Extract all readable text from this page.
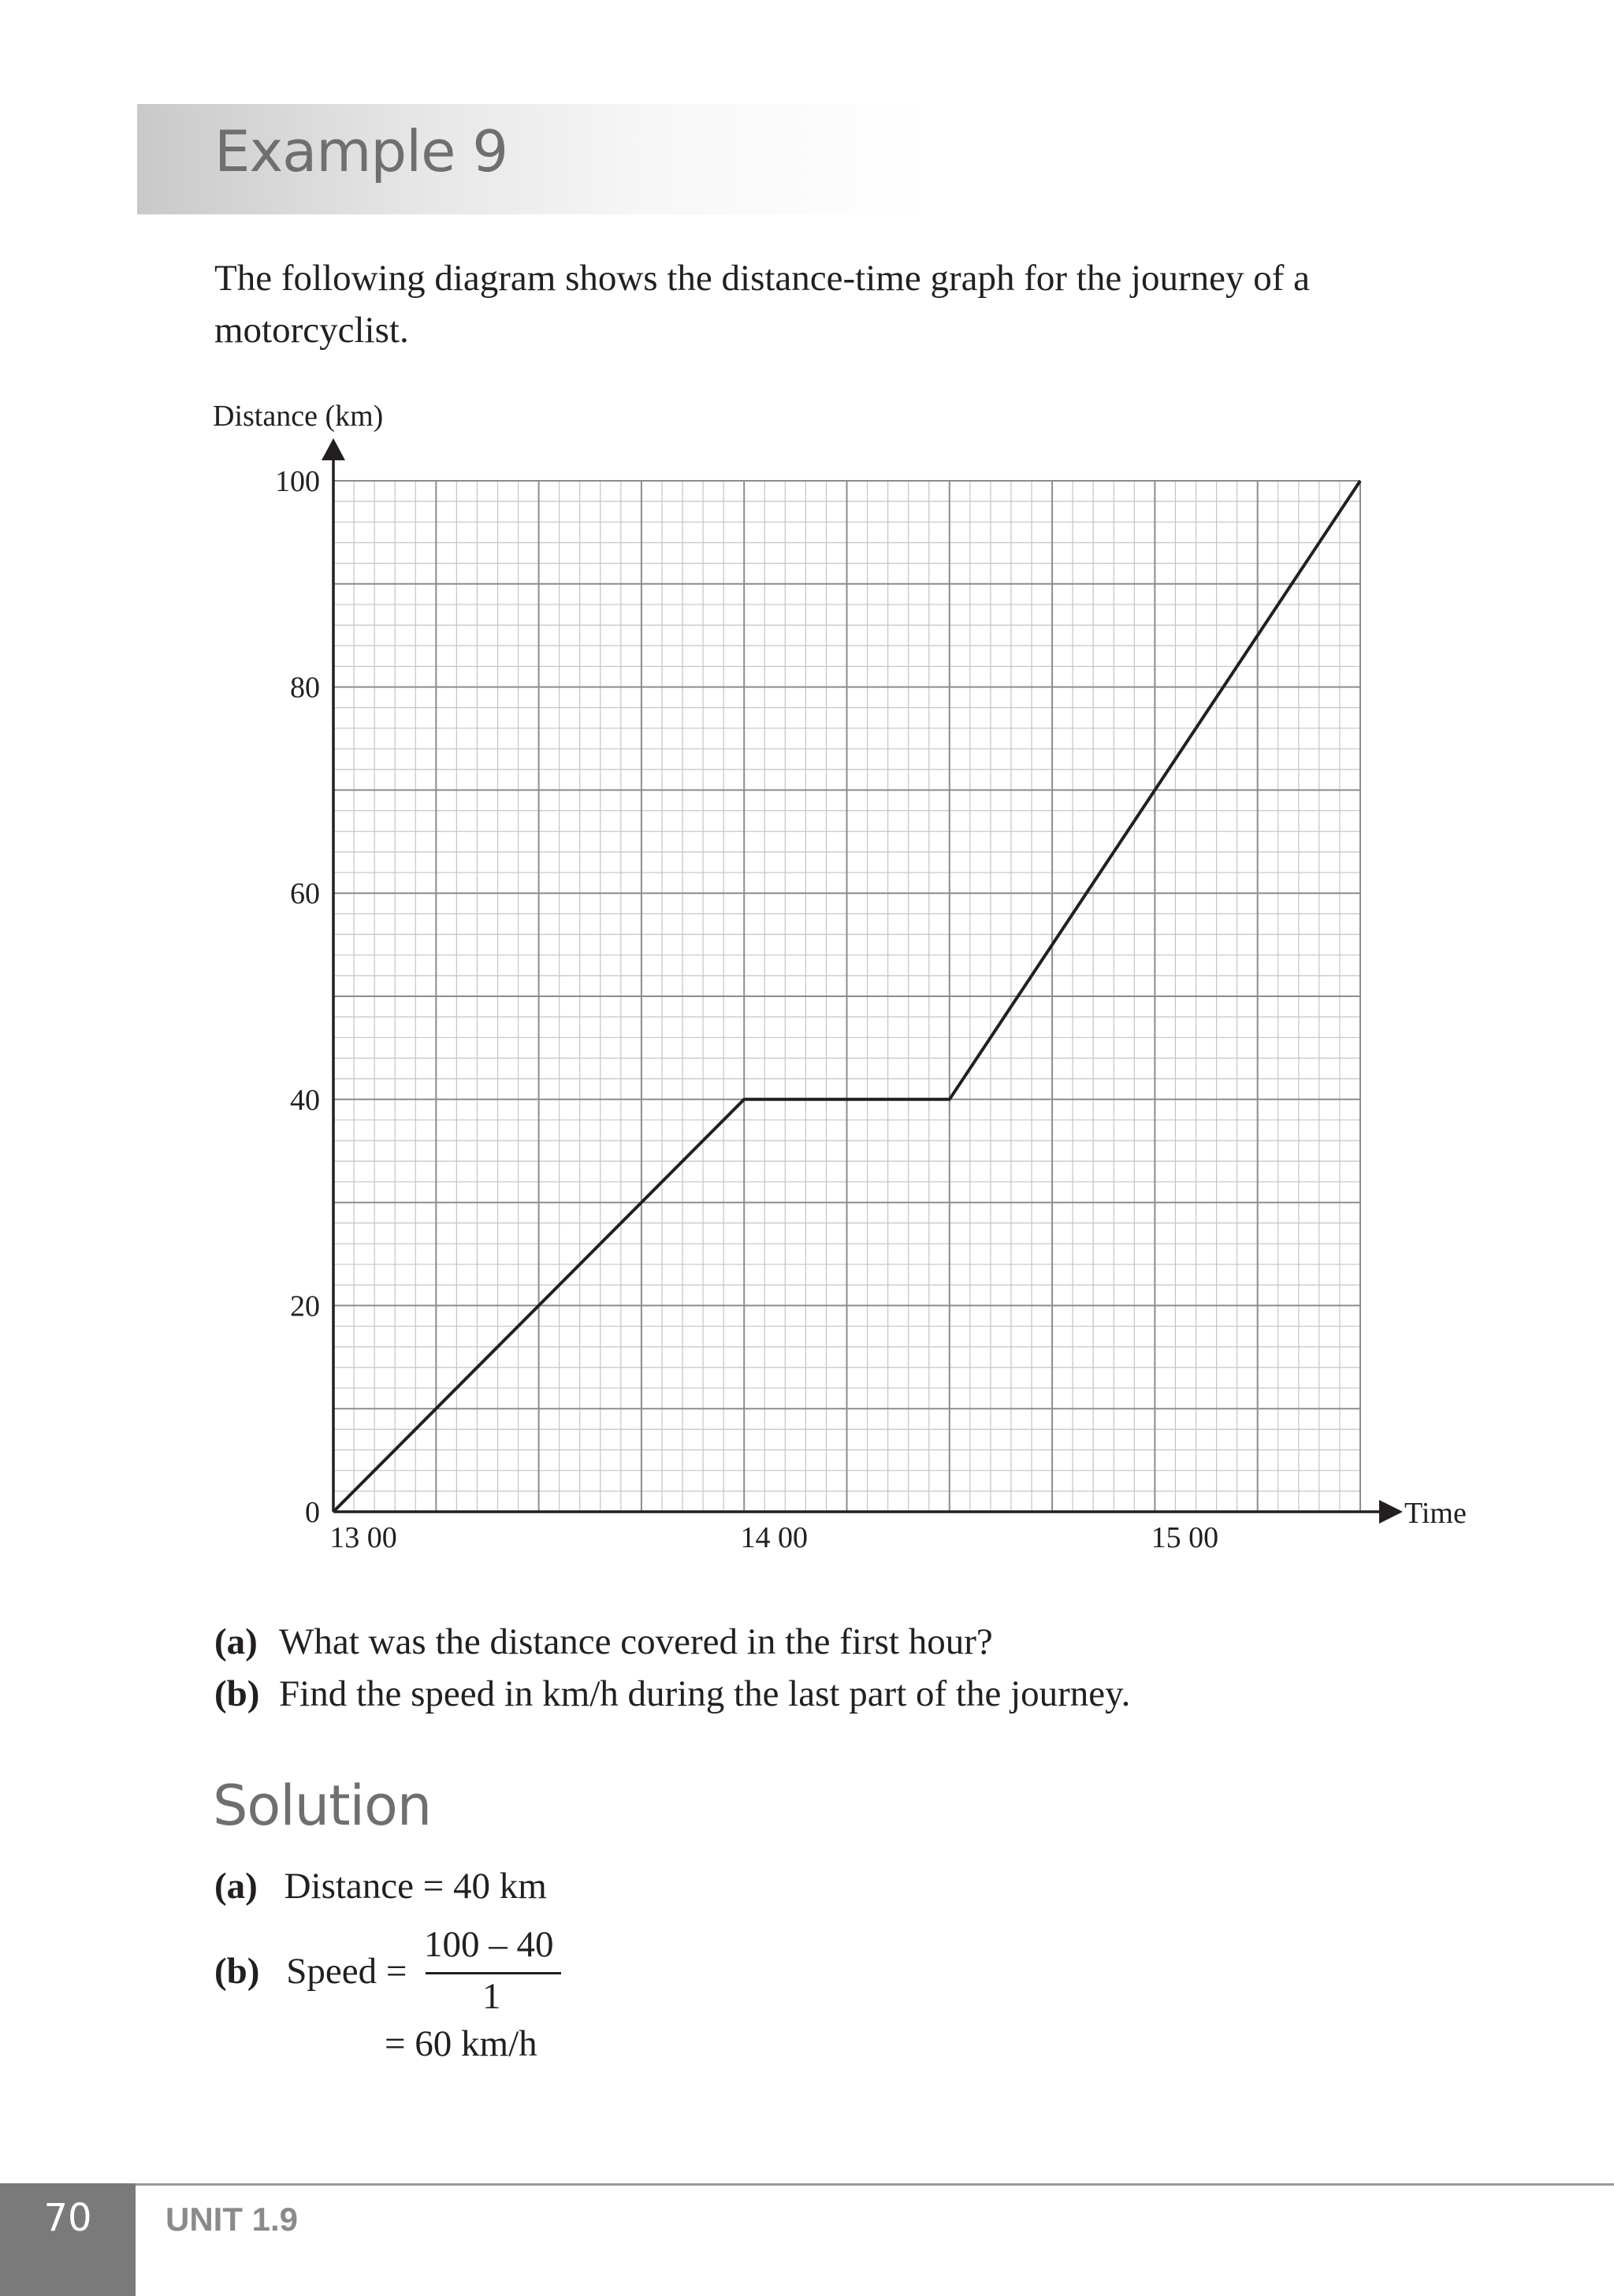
Example 9
The following diagram shows the distance-time graph for the journey of a
motorcyclist.
Distance (km)
0
20
40
60
80
100
13 00	14 00	15 00
Time
(a) What was the distance covered in the first hour?
(b) Find the speed in km/h during the last part of the journey.
Solution
(a) Distance = 40 km
(b) Speed =
100 – 40
1
= 60 km/h
70	UNIT 1.9
